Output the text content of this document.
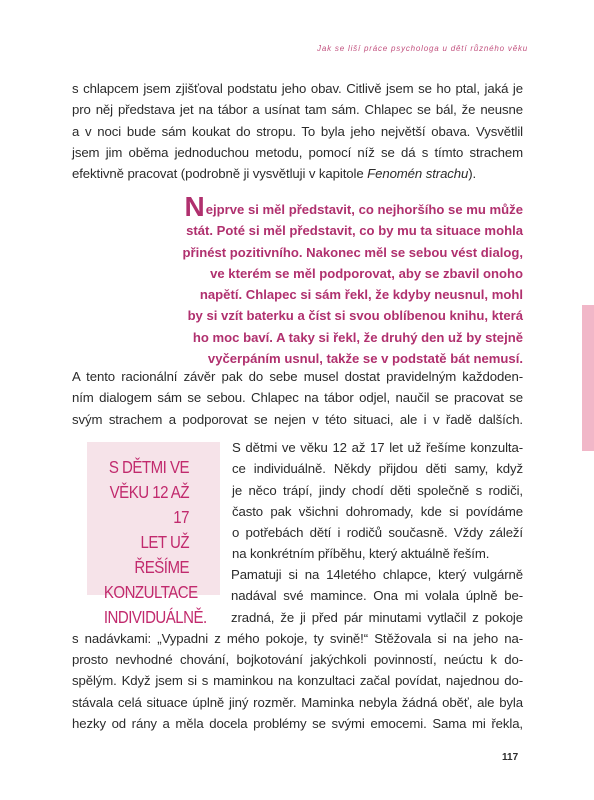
Jak se liší práce psychologa u dětí různého věku
s chlapcem jsem zjišťoval podstatu jeho obav. Citlivě jsem se ho ptal, jaká je
pro něj představa jet na tábor a usínat tam sám. Chlapec se bál, že neusne
a v noci bude sám koukat do stropu. To byla jeho největší obava. Vysvětlil
jsem jim oběma jednoduchou metodu, pomocí níž se dá s tímto strachem
efektivně pracovat (podrobně ji vysvětluji v kapitole Fenomén strachu).
Nejprve si měl představit, co nejhoršího se mu může
stát. Poté si měl představit, co by mu ta situace mohla
přinést pozitivního. Nakonec měl se sebou vést dialog,
ve kterém se měl podporovat, aby se zbavil onoho
napětí. Chlapec si sám řekl, že kdyby neusnul, mohl
by si vzít baterku a číst si svou oblíbenou knihu, která
ho moc baví. A taky si řekl, že druhý den už by stejně
vyčerpáním usnul, takže se v podstatě bát nemusí.
A tento racionální závěr pak do sebe musel dostat pravidelným každoden-
ním dialogem sám se sebou. Chlapec na tábor odjel, naučil se pracovat se
svým strachem a podporovat se nejen v této situaci, ale i v řadě dalších.
S DĚTMI VE
VĚKU 12 AŽ 17
LET UŽ ŘEŠÍME
KONZULTACE
INDIVIDUÁLNĚ.
S dětmi ve věku 12 až 17 let už řešíme konzulta-
ce individuálně. Někdy přijdou děti samy, když
je něco trápí, jindy chodí děti společně s rodiči,
často pak všichni dohromady, kde si povídáme
o potřebách dětí i rodičů současně. Vždy záleží
na konkrétním příběhu, který aktuálně řeším.
Pamatuji si na 14letého chlapce, který vulgárně
nadával své mamince. Ona mi volala úplně be-
zradná, že ji před pár minutami vytlačil z pokoje
s nadávkami: „Vypadni z mého pokoje, ty svině!“ Stěžovala si na jeho na-
prosto nevhodné chování, bojkotování jakýchkoli povinností, neúctu k do-
spělým. Když jsem si s maminkou na konzultaci začal povídat, najednou do-
stávala celá situace úplně jiný rozměr. Maminka nebyla žádná oběť, ale byla
hezky od rány a měla docela problémy se svými emocemi. Sama mi řekla,
117
